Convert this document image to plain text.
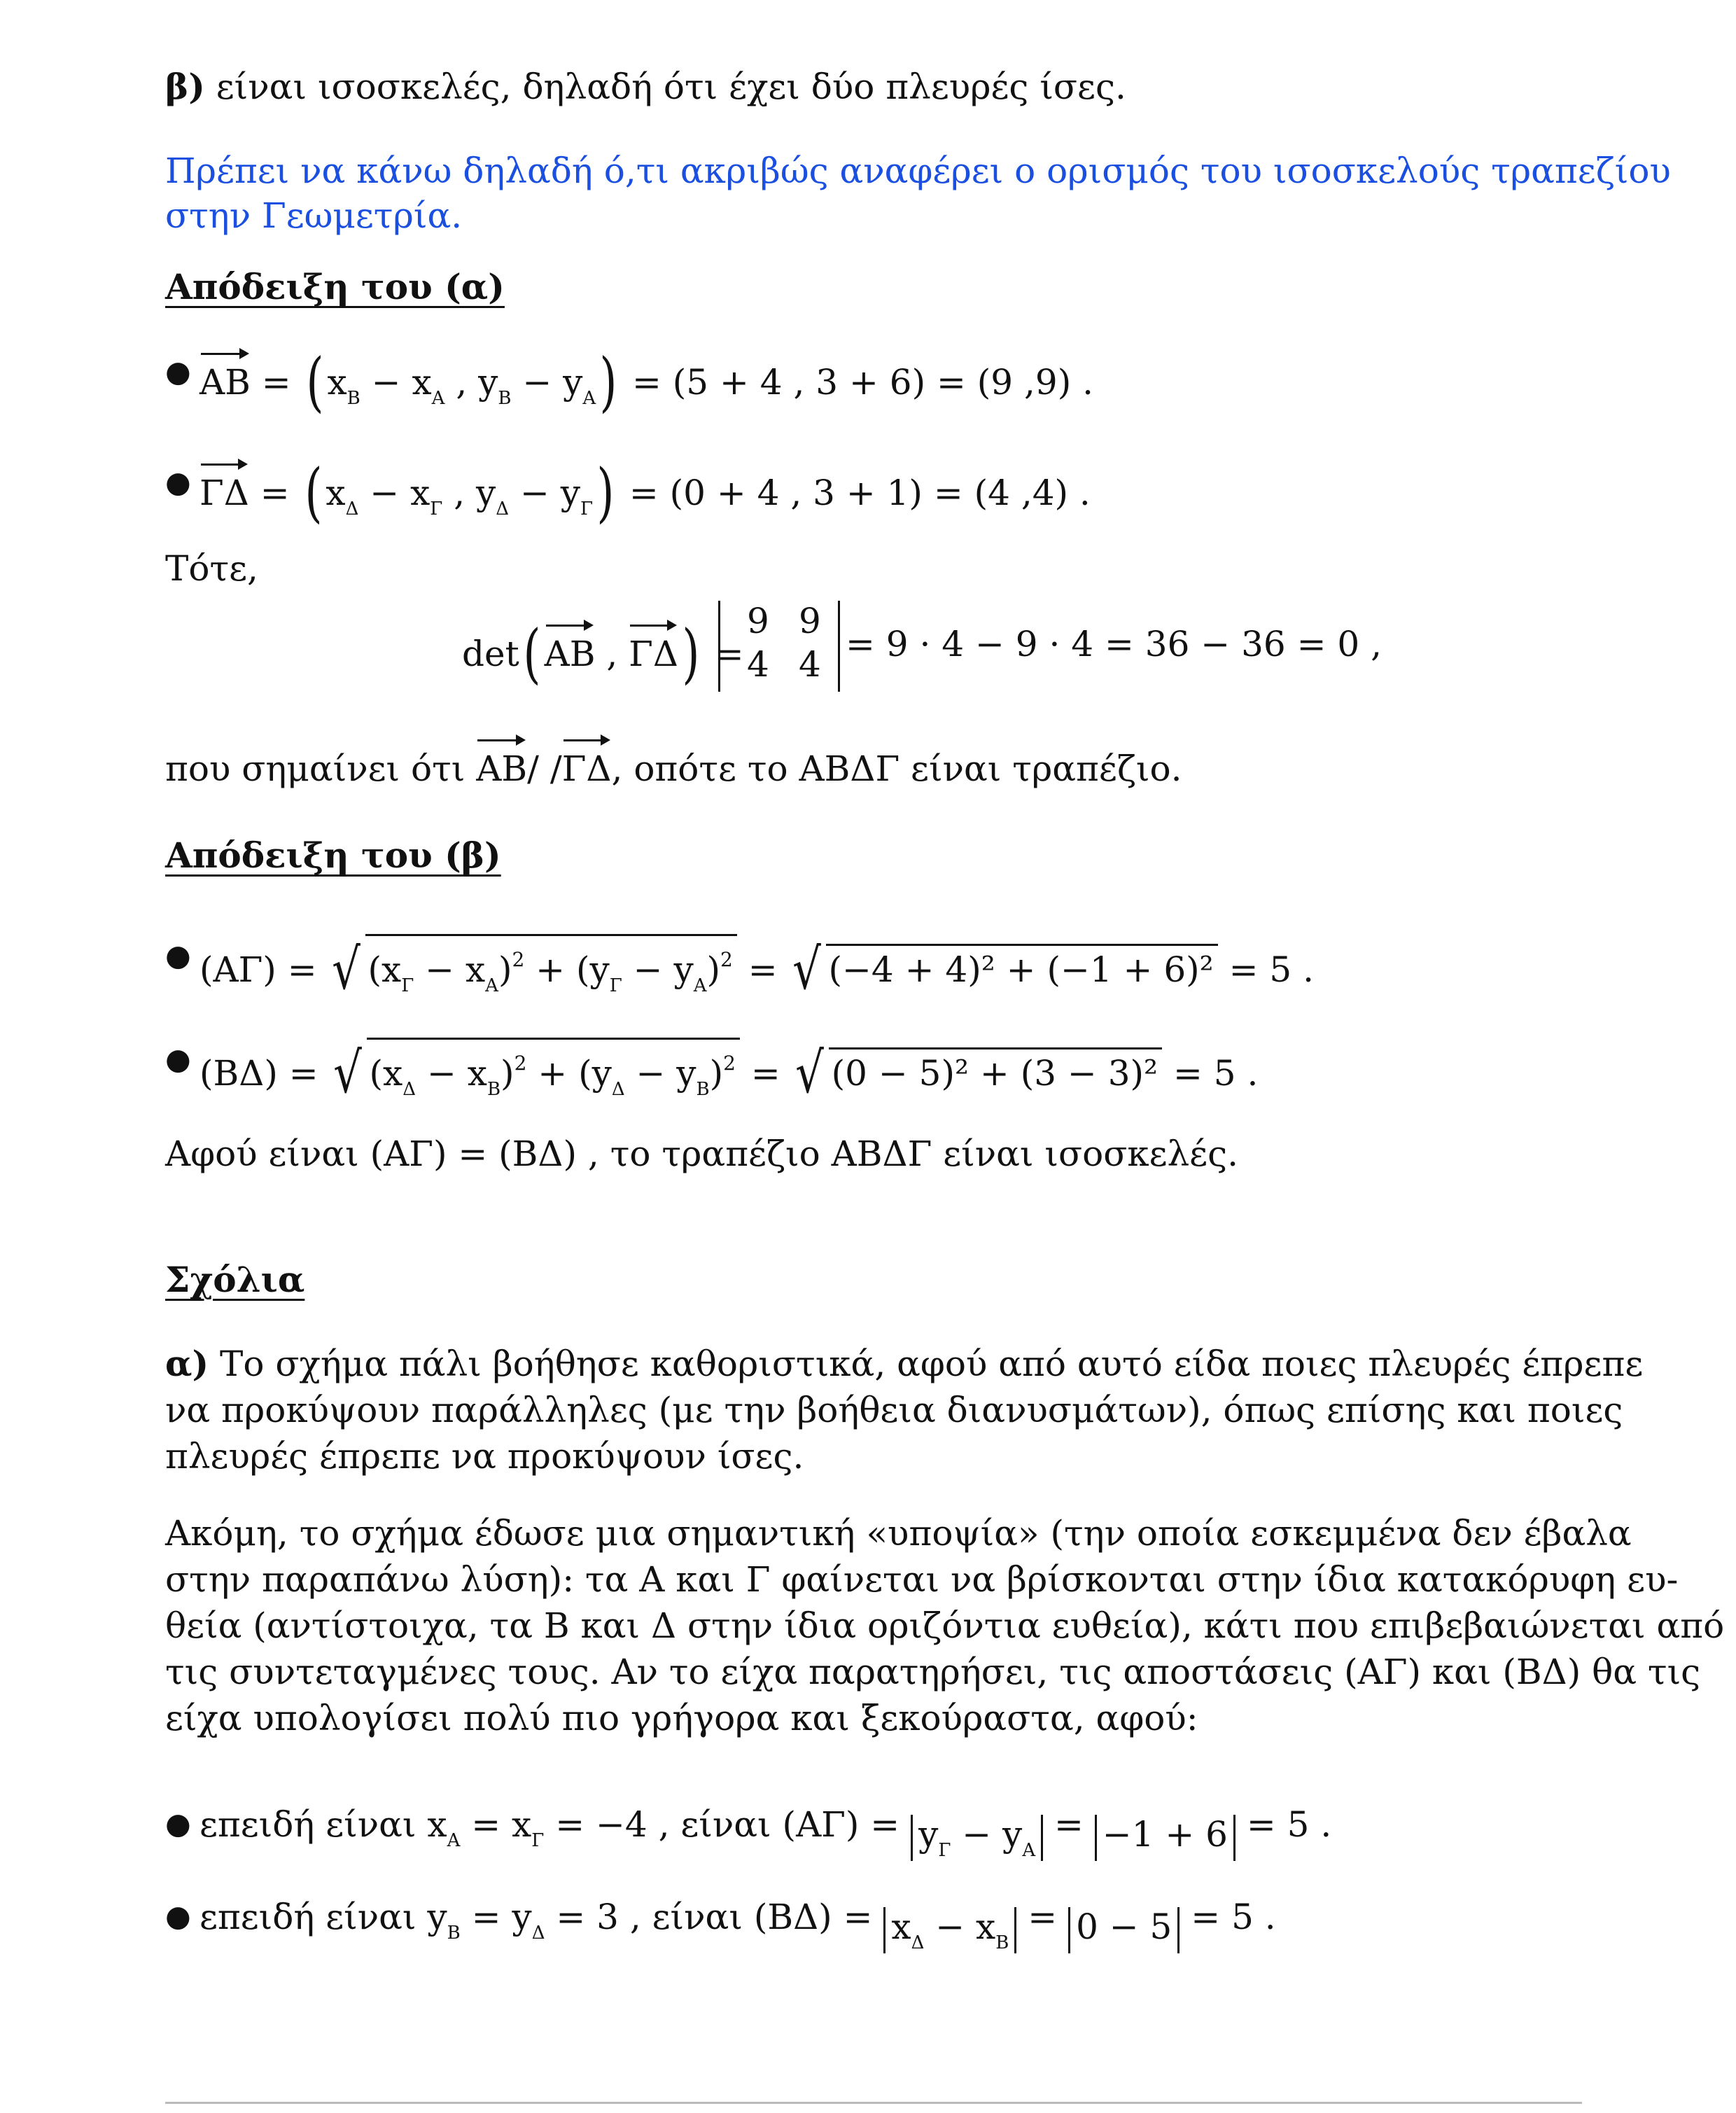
β) είναι ισοσκελές, δηλαδή ότι έχει δύο πλευρές ίσες.
Πρέπει να κάνω δηλαδή ό,τι ακριβώς αναφέρει ο ορισμός του ισοσκελούς τραπεζίου
στην Γεωμετρία.
Απόδειξη του (α)
● AB = ( $x_B - x_A$ , $y_B - y_A) = (5 + 4$ , 3 + 6) = (9 ,9) .
● ΓΔ = ( $x_\Delta - x_\Gamma$ , $y_\Delta - y_\Gamma) = (0 + 4$ , 3 + 1) = (4 ,4) .
Τότε,
det( AB , ΓΔ) =
9 9
4 4 = 9 · 4 − 9 · 4 = 36 − 36 = 0 ,
που σημαίνει ότι AB/ /ΓΔ, οπότε το ΑΒΔΓ είναι τραπέζιο.
Απόδειξη του (β)
● (ΑΓ) = √ $(x_\Gamma - x_A)^2 + (y_\Gamma - y_A)^2$ = √ (−4 + 4)² + (−1 + 6)² = 5 .
● (ΒΔ) = √ $(x_\Delta - x_B)^2 + (y_\Delta - y_B)^2$ = √ (0 − 5)² + (3 − 3)² = 5 .
Αφού είναι (ΑΓ) = (ΒΔ) , το τραπέζιο ΑΒΔΓ είναι ισοσκελές.
Σχόλια
α) Το σχήμα πάλι βοήθησε καθοριστικά, αφού από αυτό είδα ποιες πλευρές έπρεπε
να προκύψουν παράλληλες (με την βοήθεια διανυσμάτων), όπως επίσης και ποιες
πλευρές έπρεπε να προκύψουν ίσες.
Ακόμη, το σχήμα έδωσε μια σημαντική «υποψία» (την οποία εσκεμμένα δεν έβαλα
στην παραπάνω λύση): τα Α και Γ φαίνεται να βρίσκονται στην ίδια κατακόρυφη ευ-
θεία (αντίστοιχα, τα Β και Δ στην ίδια οριζόντια ευθεία), κάτι που επιβεβαιώνεται από
τις συντεταγμένες τους. Αν το είχα παρατηρήσει, τις αποστάσεις (ΑΓ) και (ΒΔ) θα τις
είχα υπολογίσει πολύ πιο γρήγορα και ξεκούραστα, αφού:
● επειδή είναι $x_A = x_\Gamma = -4$ , είναι $(A\Gamma) = y_\Gamma - y_A = -1 + 6 = 5$ .
● επειδή είναι $y_B = y_\Delta = 3$ , είναι $(B\Delta) = x_\Delta - x_B = 0 - 5 = 5$ .
